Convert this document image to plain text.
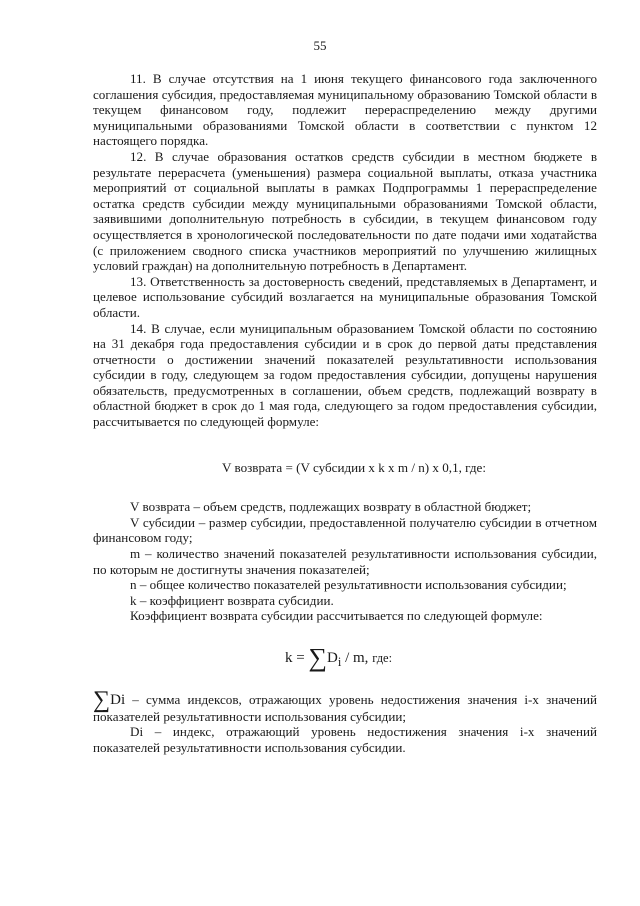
55

11. В случае отсутствия на 1 июня текущего финансового года заключенного соглашения субсидия, предоставляемая муниципальному образованию Томской области в текущем финансовом году, подлежит перераспределению между другими муниципальными образованиями Томской области в соответствии с пунктом 12 настоящего порядка.

12. В случае образования остатков средств субсидии в местном бюджете в результате перерасчета (уменьшения) размера социальной выплаты, отказа участника мероприятий от социальной выплаты в рамках Подпрограммы 1 перераспределение остатка средств субсидии между муниципальными образованиями Томской области, заявившими дополнительную потребность в субсидии, в текущем финансовом году осуществляется в хронологической последовательности по дате подачи ими ходатайства (с приложением сводного списка участников мероприятий по улучшению жилищных условий граждан) на дополнительную потребность в Департамент.

13. Ответственность за достоверность сведений, представляемых в Департамент, и целевое использование субсидий возлагается на муниципальные образования Томской области.

14. В случае, если муниципальным образованием Томской области по состоянию на 31 декабря года предоставления субсидии и в срок до первой даты представления отчетности о достижении значений показателей результативности использования субсидии в году, следующем за годом предоставления субсидии, допущены нарушения обязательств, предусмотренных в соглашении, объем средств, подлежащий возврату в областной бюджет в срок до 1 мая года, следующего за годом предоставления субсидии, рассчитывается по следующей формуле:

V возврата = (V субсидии x k x m / n) x 0,1, где:

V возврата – объем средств, подлежащих возврату в областной бюджет;

V субсидии – размер субсидии, предоставленной получателю субсидии в отчетном финансовом году;

m – количество значений показателей результативности использования субсидии, по которым не достигнуты значения показателей;

n – общее количество показателей результативности использования субсидии;

k – коэффициент возврата субсидии.

Коэффициент возврата субсидии рассчитывается по следующей формуле:

$k = \sum D_i / m$, где:

∑Di – сумма индексов, отражающих уровень недостижения значения i-х значений показателей результативности использования субсидии;

Di – индекс, отражающий уровень недостижения значения i-х значений показателей результативности использования субсидии.
